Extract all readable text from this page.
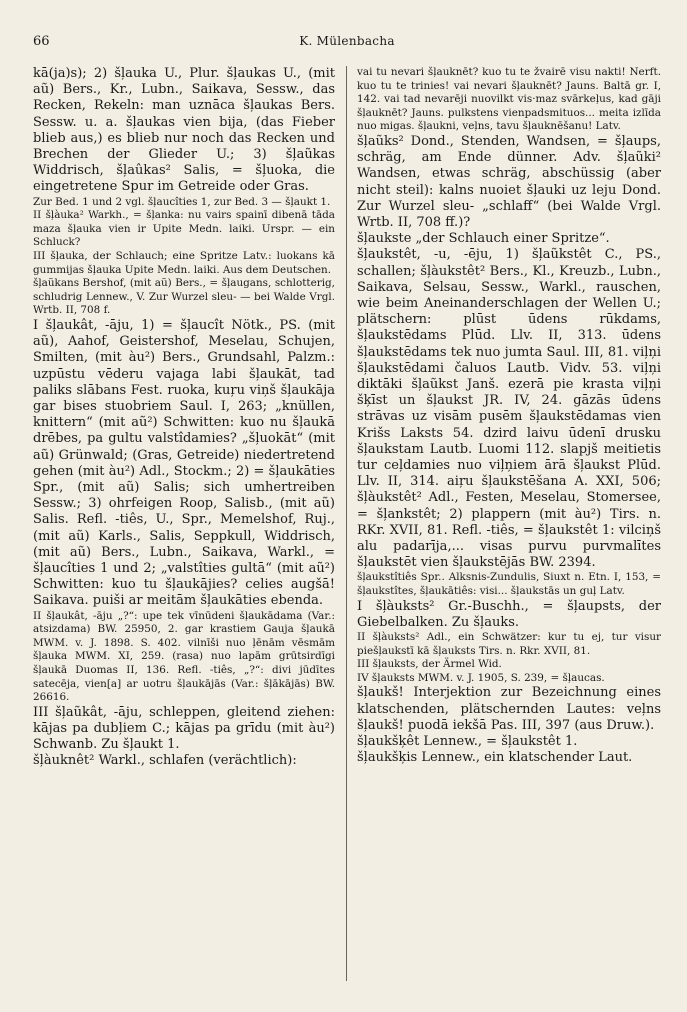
66	K. Mülenbacha

kā(ja)s); 2) šļauka U., Plur. šļaukas U., (mit aũ) Bers., Kr., Lubn., Saikava, Sessw., das Recken, Rekeln: man uznāca šļaukas Bers. Sessw. u. a. šļaukas vien bija, (das Fieber blieb aus,) es blieb nur noch das Recken und Brechen der Glieder U.; 3) šļaũkas Widdrisch, šļaûkas² Salis, = šļuoka, die eingetretene Spur im Getreide oder Gras.

Zur Bed. 1 und 2 vgl. šļaucîties 1, zur Bed. 3 — šļaukt 1.

II šļàuka² Warkh., = šļanka: nu vairs spainī dibenā tāda maza šļauka vien ir Upite Medn. laiki. Urspr. — ein Schluck?

III šļauka, der Schlauch; eine Spritze Latv.: luokans kā gummijas šļauka Upite Medn. laiki. Aus dem Deutschen.

šļaũkans Bershof, (mit aũ) Bers., = šļaugans, schlotterig, schludrig Lennew., V. Zur Wurzel sleu- — bei Walde Vrgl. Wrtb. II, 708 f.

I šļaukât, -āju, 1) = šļaucît Nötk., PS. (mit aũ), Aahof, Geistershof, Meselau, Schujen, Smilten, (mit àu²) Bers., Grundsahl, Palzm.: uzpūstu vēderu vajaga labi šļaukāt, tad paliks slābans Fest. ruoka, kuŗu viņš šļaukāja gar bises stuobriem Saul. I, 263; „knüllen, knittern“ (mit aũ²) Schwitten: kuo nu šļaukā drēbes, pa gultu valstîdamies? „šļuokāt“ (mit aũ) Grünwald; (Gras, Getreide) niedertretend gehen (mit àu²) Adl., Stockm.; 2) = šļaukāties Spr., (mit aũ) Salis; sich umhertreiben Sessw.; 3) ohrfeigen Roop, Salisb., (mit aũ) Salis. Refl. -tiês, U., Spr., Memelshof, Ruj., (mit aũ) Karls., Salis, Seppkull, Widdrisch, (mit aũ) Bers., Lubn., Saikava, Warkl., = šļaucîties 1 und 2; „valstîties gultā“ (mit aũ²) Schwitten: kuo tu šļaukājies? celies augšā! Saikava. puiši ar meitām šļaukāties ebenda.

II šļaukât, -āju „?“: upe tek vīnūdeni šļaukādama (Var.: atsizdama) BW. 25950, 2. gar krastiem Gauja šļaukā MWM. v. J. 1898. S. 402. vilnīši nuo ļēnām vēsmām šļauka MWM. XI, 259. (rasa) nuo lapām grūtsirdīgi šļaukā Duomas II, 136. Refl. -tiês, „?“: divi jūdītes satecēja, vien[a] ar uotru šļaukājās (Var.: šļākājās) BW. 26616.

III šļaũkât, -āju, schleppen, gleitend ziehen: kājas pa dubļiem C.; kājas pa grīdu (mit àu²) Schwanb. Zu šļaukt 1.

šļàuknêt² Warkl., schlafen (verächtlich):

vai tu nevari šļauknēt? kuo tu te žvairē visu nakti! Nerft. kuo tu te trinies! vai nevari šļauknēt? Jauns. Baltā gr. I, 142. vai tad nevarēji nuovilkt vis·maz svārkeļus, kad gāji šļauknēt? Jauns. pulkstens vienpadsmituos... meita izlīda nuo migas. šļaukni, veļns, tavu šļauknēšanu! Latv.

šļaũks² Dond., Stenden, Wandsen, = šļaups, schräg, am Ende dünner. Adv. šļaũki² Wandsen, etwas schräg, abschüssig (aber nicht steil): kalns nuoiet šļauki uz leju Dond. Zur Wurzel sleu- „schlaff“ (bei Walde Vrgl. Wrtb. II, 708 ff.)?

šļaukste „der Schlauch einer Spritze“.

šļaukstêt, -u, -ēju, 1) šļaũkstêt C., PS., schallen; šļàukstêt² Bers., Kl., Kreuzb., Lubn., Saikava, Selsau, Sessw., Warkl., rauschen, wie beim Aneinanderschlagen der Wellen U.; plätschern: plūst ūdens rūkdams, šļaukstēdams Plūd. Llv. II, 313. ūdens šļaukstēdams tek nuo jumta Saul. III, 81. viļņi šļaukstēdami čaluos Lautb. Vidv. 53. viļņi diktāki šļaũkst Janš. ezerā pie krasta viļņi šķīst un šļaukst JR. IV, 24. gāzās ūdens strāvas uz visām pusēm šļaukstēdamas vien Krišs Laksts 54. dzird laivu ūdenī drusku šļaukstam Lautb. Luomi 112. slapjš meitietis tur ceļdamies nuo viļņiem ārā šļaukst Plūd. Llv. II, 314. aiŗu šļaukstēšana A. XXI, 506; šļàukstêt² Adl., Festen, Meselau, Stomersee, = šļankstêt; 2) plappern (mit àu²) Tirs. n. RKr. XVII, 81. Refl. -tiês, = šļaukstêt 1: vilciņš alu padarīja,... visas purvu purvmalītes šļaukstēt vien šļaukstējās BW. 2394.

šļaukstîtiês Spr.. Alksnis-Zundulis, Siuxt n. Etn. I, 153, = šļaukstîtes, šļaukātiês: visi... šļaukstās un guļ Latv.

I šļàuksts² Gr.-Buschh., = šļaupsts, der Giebelbalken. Zu šļauks.

II šļàuksts² Adl., ein Schwätzer: kur tu ej, tur visur piešļaukstī kā šļauksts Tirs. n. Rkr. XVII, 81.

III šļauksts, der Ärmel Wid.

IV šļauksts MWM. v. J. 1905, S. 239, = šļaucas.

šļaukš! Interjektion zur Bezeichnung eines klatschenden, plätschernden Lautes: veļns šļaukš! puodā iekšā Pas. III, 397 (aus Druw.).

šļaukšķêt Lennew., = šļaukstêt 1.

šļaukšķis Lennew., ein klatschender Laut.
